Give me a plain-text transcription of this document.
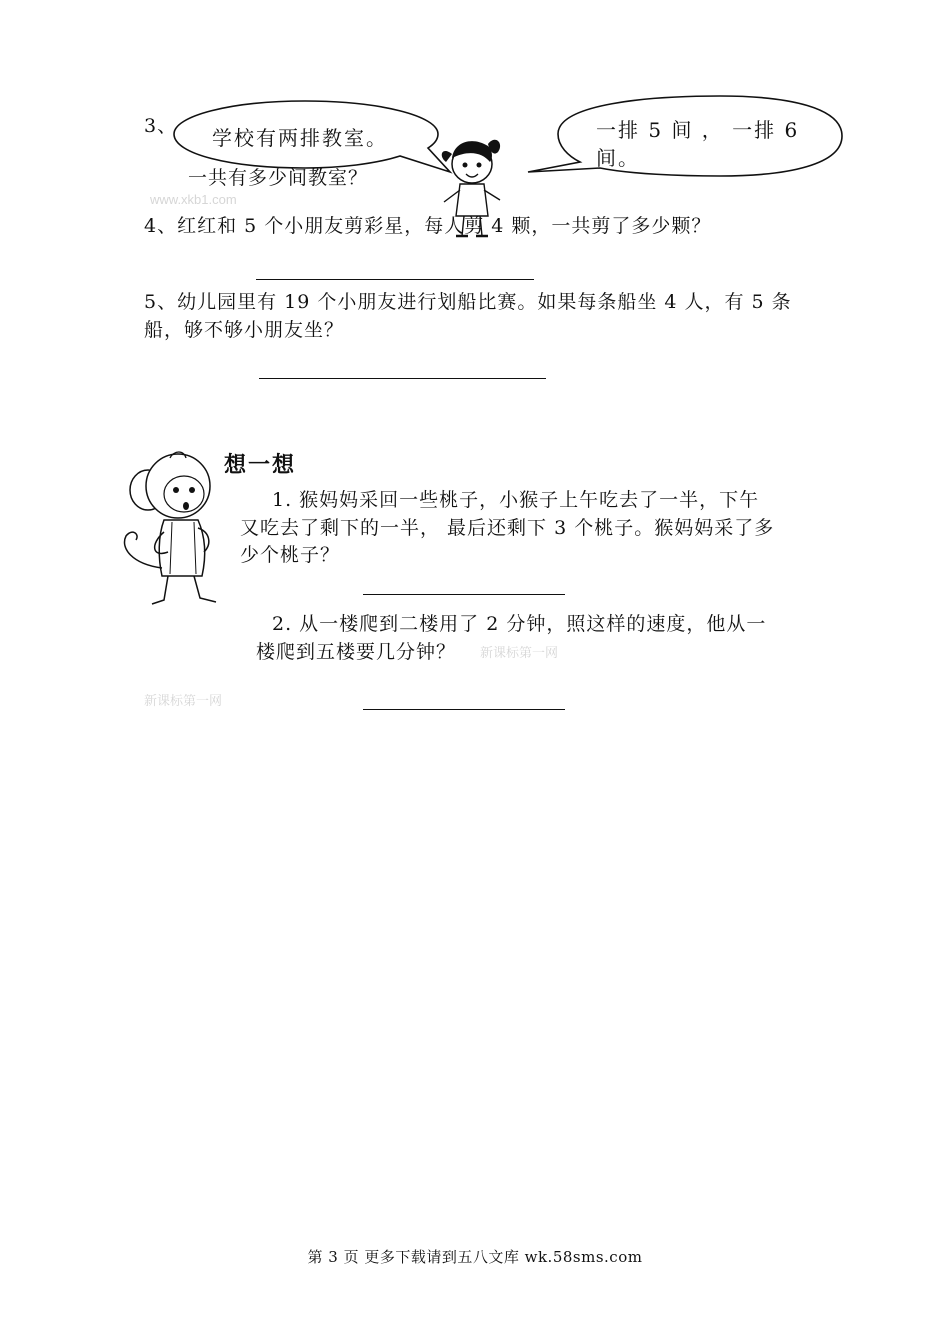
3、 学校有两排教室。	一排 5 间 ， 一排 6
间。
一共有多少间教室？
www.xkb1.com
4、红红和 5 个小朋友剪彩星，每人剪 4 颗，一共剪了多少颗？
5、幼儿园里有 19 个小朋友进行划船比赛。如果每条船坐 4 人，有 5 条
船，够不够小朋友坐？
想一想
1. 猴妈妈采回一些桃子，小猴子上午吃去了一半，下午
又吃去了剩下的一半， 最后还剩下 3 个桃子。猴妈妈采了多
少个桃子？
2. 从一楼爬到二楼用了 2 分钟，照这样的速度，他从一
楼爬到五楼要几分钟？ 新课标第一网
新课标第一网
第 3 页 更多下载请到五八文库 wk.58sms.com
